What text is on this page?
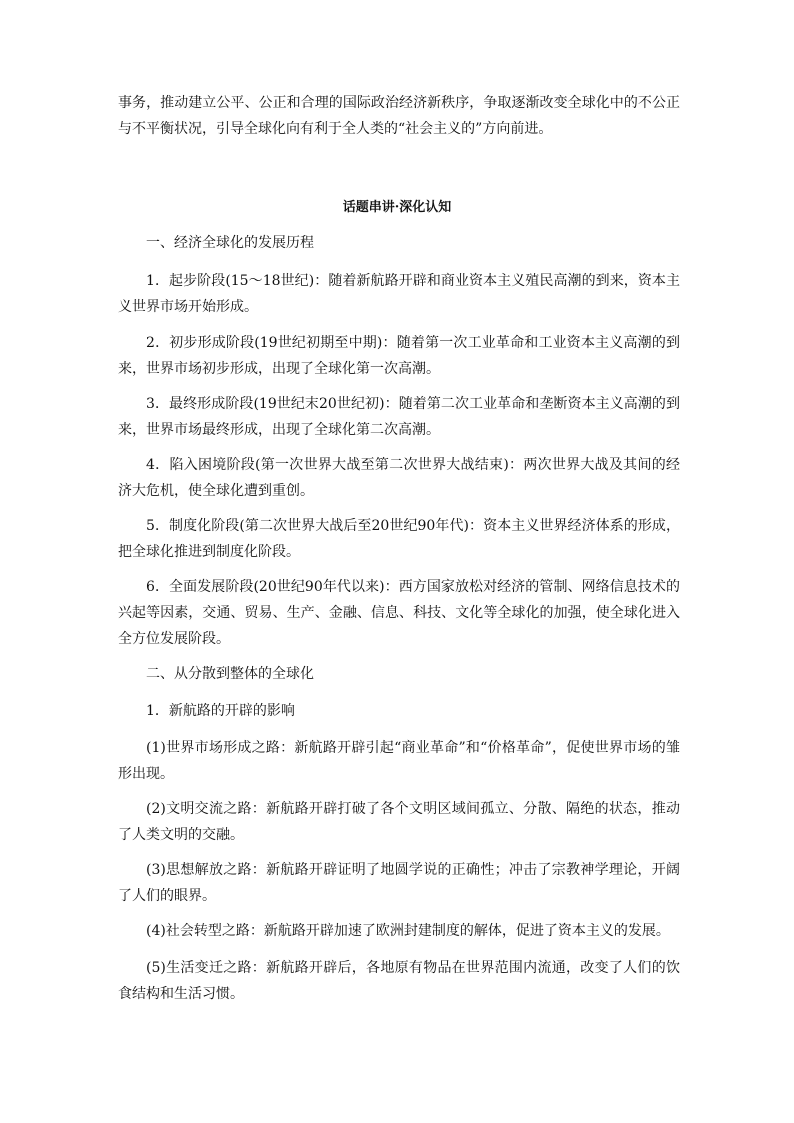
事务，推动建立公平、公正和合理的国际政治经济新秩序，争取逐渐改变全球化中的不公正与不平衡状况，引导全球化向有利于全人类的“社会主义的”方向前进。

话题串讲·深化认知

一、经济全球化的发展历程

1．起步阶段(15～18世纪)：随着新航路开辟和商业资本主义殖民高潮的到来，资本主义世界市场开始形成。

2．初步形成阶段(19世纪初期至中期)：随着第一次工业革命和工业资本主义高潮的到来，世界市场初步形成，出现了全球化第一次高潮。

3．最终形成阶段(19世纪末20世纪初)：随着第二次工业革命和垄断资本主义高潮的到来，世界市场最终形成，出现了全球化第二次高潮。

4．陷入困境阶段(第一次世界大战至第二次世界大战结束)：两次世界大战及其间的经济大危机，使全球化遭到重创。

5．制度化阶段(第二次世界大战后至20世纪90年代)：资本主义世界经济体系的形成，把全球化推进到制度化阶段。

6．全面发展阶段(20世纪90年代以来)：西方国家放松对经济的管制、网络信息技术的兴起等因素，交通、贸易、生产、金融、信息、科技、文化等全球化的加强，使全球化进入全方位发展阶段。

二、从分散到整体的全球化

1．新航路的开辟的影响

(1)世界市场形成之路：新航路开辟引起“商业革命”和“价格革命”，促使世界市场的雏形出现。

(2)文明交流之路：新航路开辟打破了各个文明区域间孤立、分散、隔绝的状态，推动了人类文明的交融。

(3)思想解放之路：新航路开辟证明了地圆学说的正确性；冲击了宗教神学理论，开阔了人们的眼界。

(4)社会转型之路：新航路开辟加速了欧洲封建制度的解体，促进了资本主义的发展。

(5)生活变迁之路：新航路开辟后，各地原有物品在世界范围内流通，改变了人们的饮食结构和生活习惯。
